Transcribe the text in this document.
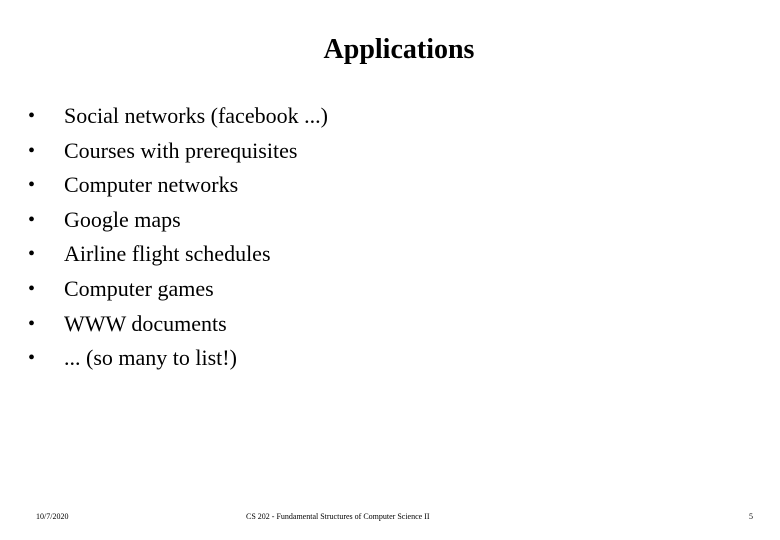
Applications
•	Social networks (facebook ...)
•	Courses with prerequisites
•	Computer networks
•	Google maps
•	Airline flight schedules
•	Computer games
•	WWW documents
•	... (so many to list!)
10/7/2020	CS 202 - Fundamental Structures of Computer Science II	5
